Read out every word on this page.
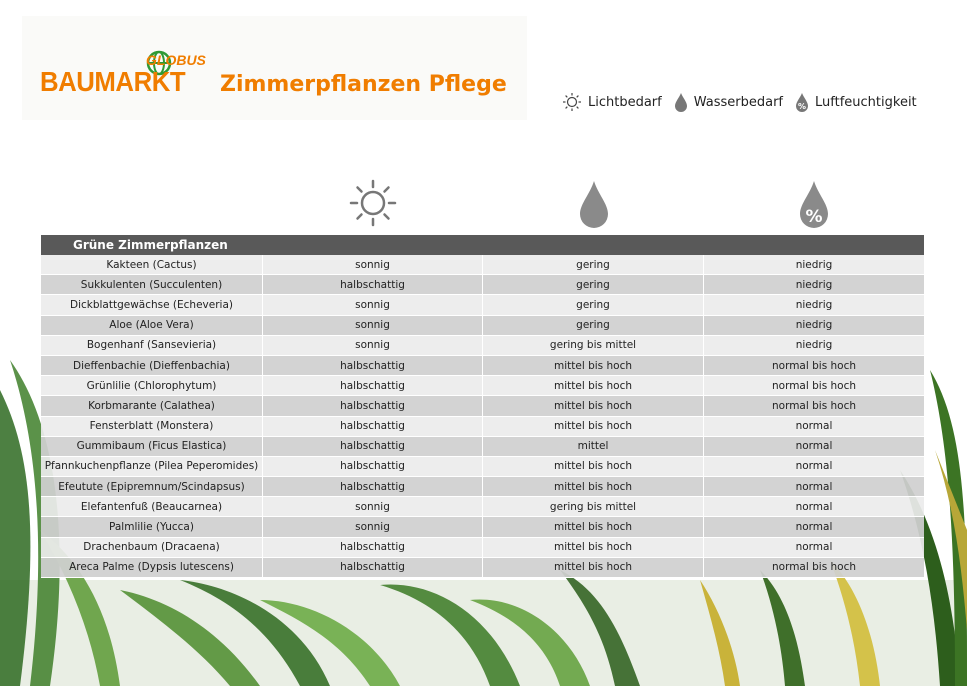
GLOBUS
BAUMARKT Zimmerpflanzen Pflege
Lichtbedarf Wasserbedarf % Luftfeuchtigkeit
%
Grüne Zimmerpflanzen
Kakteen (Cactus)	sonnig	gering	niedrig
Sukkulenten (Succulenten)	halbschattig	gering	niedrig
Dickblattgewächse (Echeveria)	sonnig	gering	niedrig
Aloe (Aloe Vera)	sonnig	gering	niedrig
Bogenhanf (Sansevieria)	sonnig	gering bis mittel	niedrig
Dieffenbachie (Dieffenbachia)	halbschattig	mittel bis hoch	normal bis hoch
Grünlilie (Chlorophytum)	halbschattig	mittel bis hoch	normal bis hoch
Korbmarante (Calathea)	halbschattig	mittel bis hoch	normal bis hoch
Fensterblatt (Monstera)	halbschattig	mittel bis hoch	normal
Gummibaum (Ficus Elastica)	halbschattig	mittel	normal
Pfannkuchenpflanze (Pilea Peperomides)	halbschattig	mittel bis hoch	normal
Efeutute (Epipremnum/Scindapsus)	halbschattig	mittel bis hoch	normal
Elefantenfuß (Beaucarnea)	sonnig	gering bis mittel	normal
Palmlilie (Yucca)	sonnig	mittel bis hoch	normal
Drachenbaum (Dracaena)	halbschattig	mittel bis hoch	normal
Areca Palme (Dypsis lutescens)	halbschattig	mittel bis hoch	normal bis hoch
